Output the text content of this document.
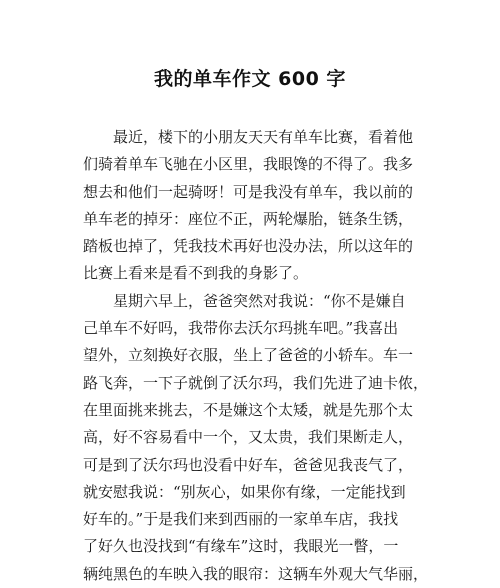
我的单车作文 600 字
最近，楼下的小朋友天天有单车比赛，看着他
们骑着单车飞驰在小区里，我眼馋的不得了。我多
想去和他们一起骑呀！可是我没有单车，我以前的
单车老的掉牙：座位不正，两轮爆胎，链条生锈，
踏板也掉了，凭我技术再好也没办法，所以这年的
比赛上看来是看不到我的身影了。
星期六早上，爸爸突然对我说：“你不是嫌自
己单车不好吗，我带你去沃尔玛挑车吧。”我喜出
望外，立刻换好衣服，坐上了爸爸的小轿车。车一
路飞奔，一下子就倒了沃尔玛，我们先进了迪卡侬，
在里面挑来挑去，不是嫌这个太矮，就是先那个太
高，好不容易看中一个，又太贵，我们果断走人，
可是到了沃尔玛也没看中好车，爸爸见我丧气了，
就安慰我说：“别灰心，如果你有缘，一定能找到
好车的。”于是我们来到西丽的一家单车店，我找
了好久也没找到“有缘车”这时，我眼光一瞥，一
辆纯黑色的车映入我的眼帘：这辆车外观大气华丽，
